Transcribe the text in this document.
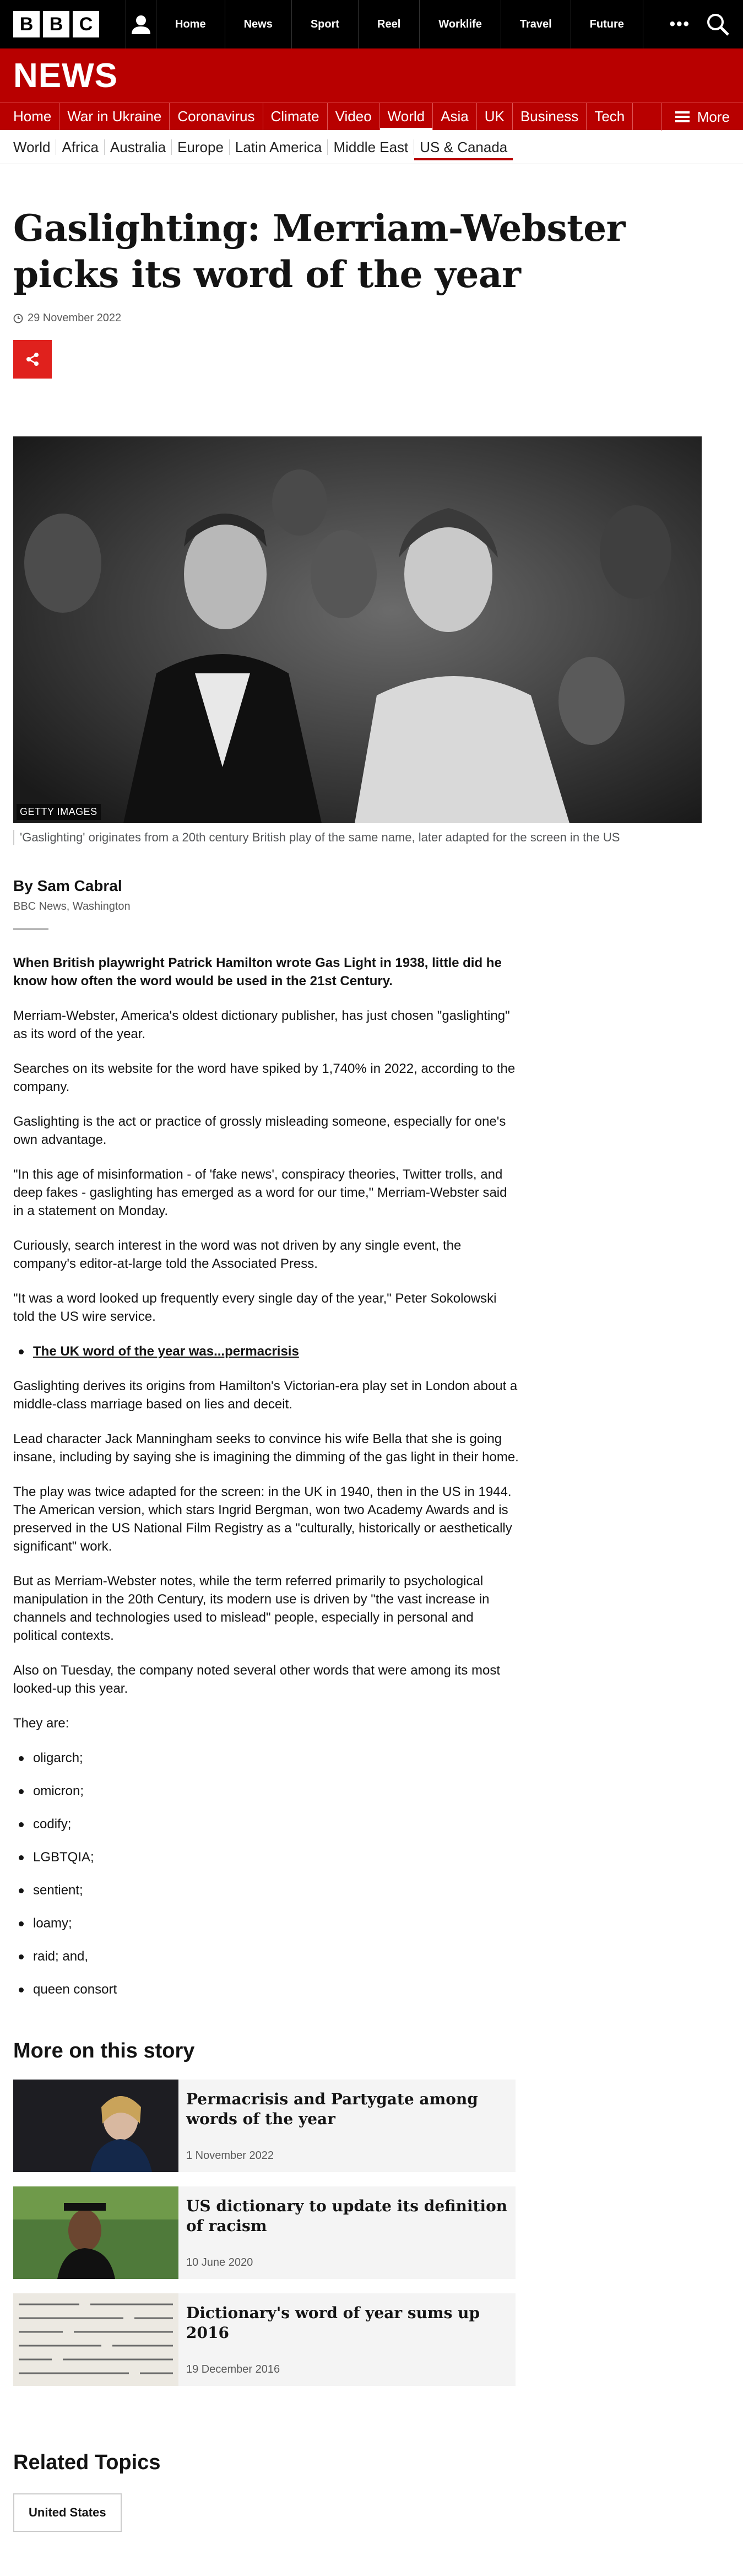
B B C	Home	News	Sport	Reel	Worklife	Travel	Future	•••
NEWS
Home	War in Ukraine	Coronavirus	Climate	Video	World	Asia	UK	Business	Tech	More
World Africa Australia Europe Latin America Middle East US & Canada
Gaslighting: Merriam-Webster picks its word of the year
29 November 2022
GETTY IMAGES

'Gaslighting' originates from a 20th century British play of the same name, later adapted for the screen in the US

By Sam Cabral
BBC News, Washington

When British playwright Patrick Hamilton wrote Gas Light in 1938, little did he know how often the word would be used in the 21st Century.

Merriam-Webster, America's oldest dictionary publisher, has just chosen "gaslighting" as its word of the year.

Searches on its website for the word have spiked by 1,740% in 2022, according to the company.

Gaslighting is the act or practice of grossly misleading someone, especially for one's own advantage.

"In this age of misinformation - of 'fake news', conspiracy theories, Twitter trolls, and deep fakes - gaslighting has emerged as a word for our time," Merriam-Webster said in a statement on Monday.

Curiously, search interest in the word was not driven by any single event, the company's editor-at-large told the Associated Press.

"It was a word looked up frequently every single day of the year," Peter Sokolowski told the US wire service.

The UK word of the year was...permacrisis

Gaslighting derives its origins from Hamilton's Victorian-era play set in London about a middle-class marriage based on lies and deceit.

Lead character Jack Manningham seeks to convince his wife Bella that she is going insane, including by saying she is imagining the dimming of the gas light in their home.

The play was twice adapted for the screen: in the UK in 1940, then in the US in 1944. The American version, which stars Ingrid Bergman, won two Academy Awards and is preserved in the US National Film Registry as a "culturally, historically or aesthetically significant" work.

But as Merriam-Webster notes, while the term referred primarily to psychological manipulation in the 20th Century, its modern use is driven by "the vast increase in channels and technologies used to mislead" people, especially in personal and political contexts.

Also on Tuesday, the company noted several other words that were among its most looked-up this year.

They are:

oligarch;
omicron;
codify;
LGBTQIA;
sentient;
loamy;
raid; and,
queen consort
More on this story
Permacrisis and Partygate among words of the year
1 November 2022
US dictionary to update its definition of racism
10 June 2020
Dictionary's word of year sums up 2016
19 December 2016
Related Topics
United States
